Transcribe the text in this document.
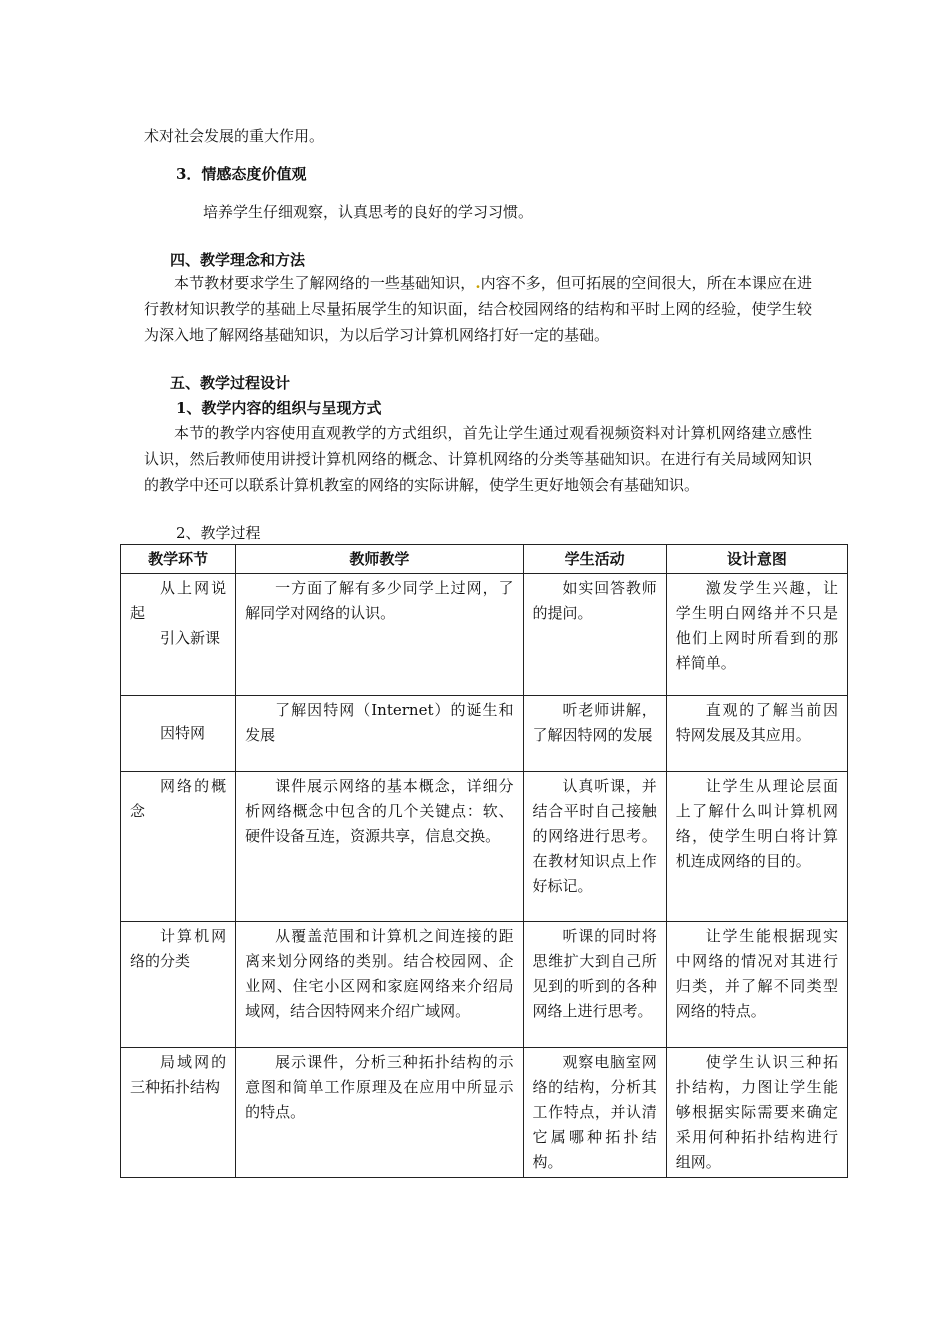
术对社会发展的重大作用。
3．情感态度价值观
培养学生仔细观察，认真思考的良好的学习习惯。
四、教学理念和方法
本节教材要求学生了解网络的一些基础知识，.内容不多，但可拓展的空间很大，所在本课应在进行教材知识教学的基础上尽量拓展学生的知识面，结合校园网络的结构和平时上网的经验，使学生较为深入地了解网络基础知识，为以后学习计算机网络打好一定的基础。
五、教学过程设计
1、教学内容的组织与呈现方式
本节的教学内容使用直观教学的方式组织，首先让学生通过观看视频资料对计算机网络建立感性认识，然后教师使用讲授计算机网络的概念、计算机网络的分类等基础知识。在进行有关局域网知识的教学中还可以联系计算机教室的网络的实际讲解，使学生更好地领会有基础知识。
2、教学过程
教学环节	教师教学	学生活动	设计意图

从上网说起
引入新课	一方面了解有多少同学上过网，了解同学对网络的认识。	如实回答教师的提问。	激发学生兴趣，让学生明白网络并不只是他们上网时所看到的那样简单。
因特网	了解因特网（Internet）的诞生和发展	听老师讲解，了解因特网的发展	直观的了解当前因特网发展及其应用。
网络的概念	课件展示网络的基本概念，详细分析网络概念中包含的几个关键点：软、硬件设备互连，资源共享，信息交换。	认真听课，并结合平时自己接触的网络进行思考。在教材知识点上作好标记。	让学生从理论层面上了解什么叫计算机网络，使学生明白将计算机连成网络的目的。
计算机网络的分类	从覆盖范围和计算机之间连接的距离来划分网络的类别。结合校园网、企业网、住宅小区网和家庭网络来介绍局域网，结合因特网来介绍广域网。	听课的同时将思维扩大到自己所见到的听到的各种网络上进行思考。	让学生能根据现实中网络的情况对其进行归类，并了解不同类型网络的特点。
局域网的三种拓扑结构	展示课件，分析三种拓扑结构的示意图和简单工作原理及在应用中所显示的特点。	观察电脑室网络的结构，分析其工作特点，并认清它属哪种拓扑结构。	使学生认识三种拓扑结构，力图让学生能够根据实际需要来确定采用何种拓扑结构进行组网。
